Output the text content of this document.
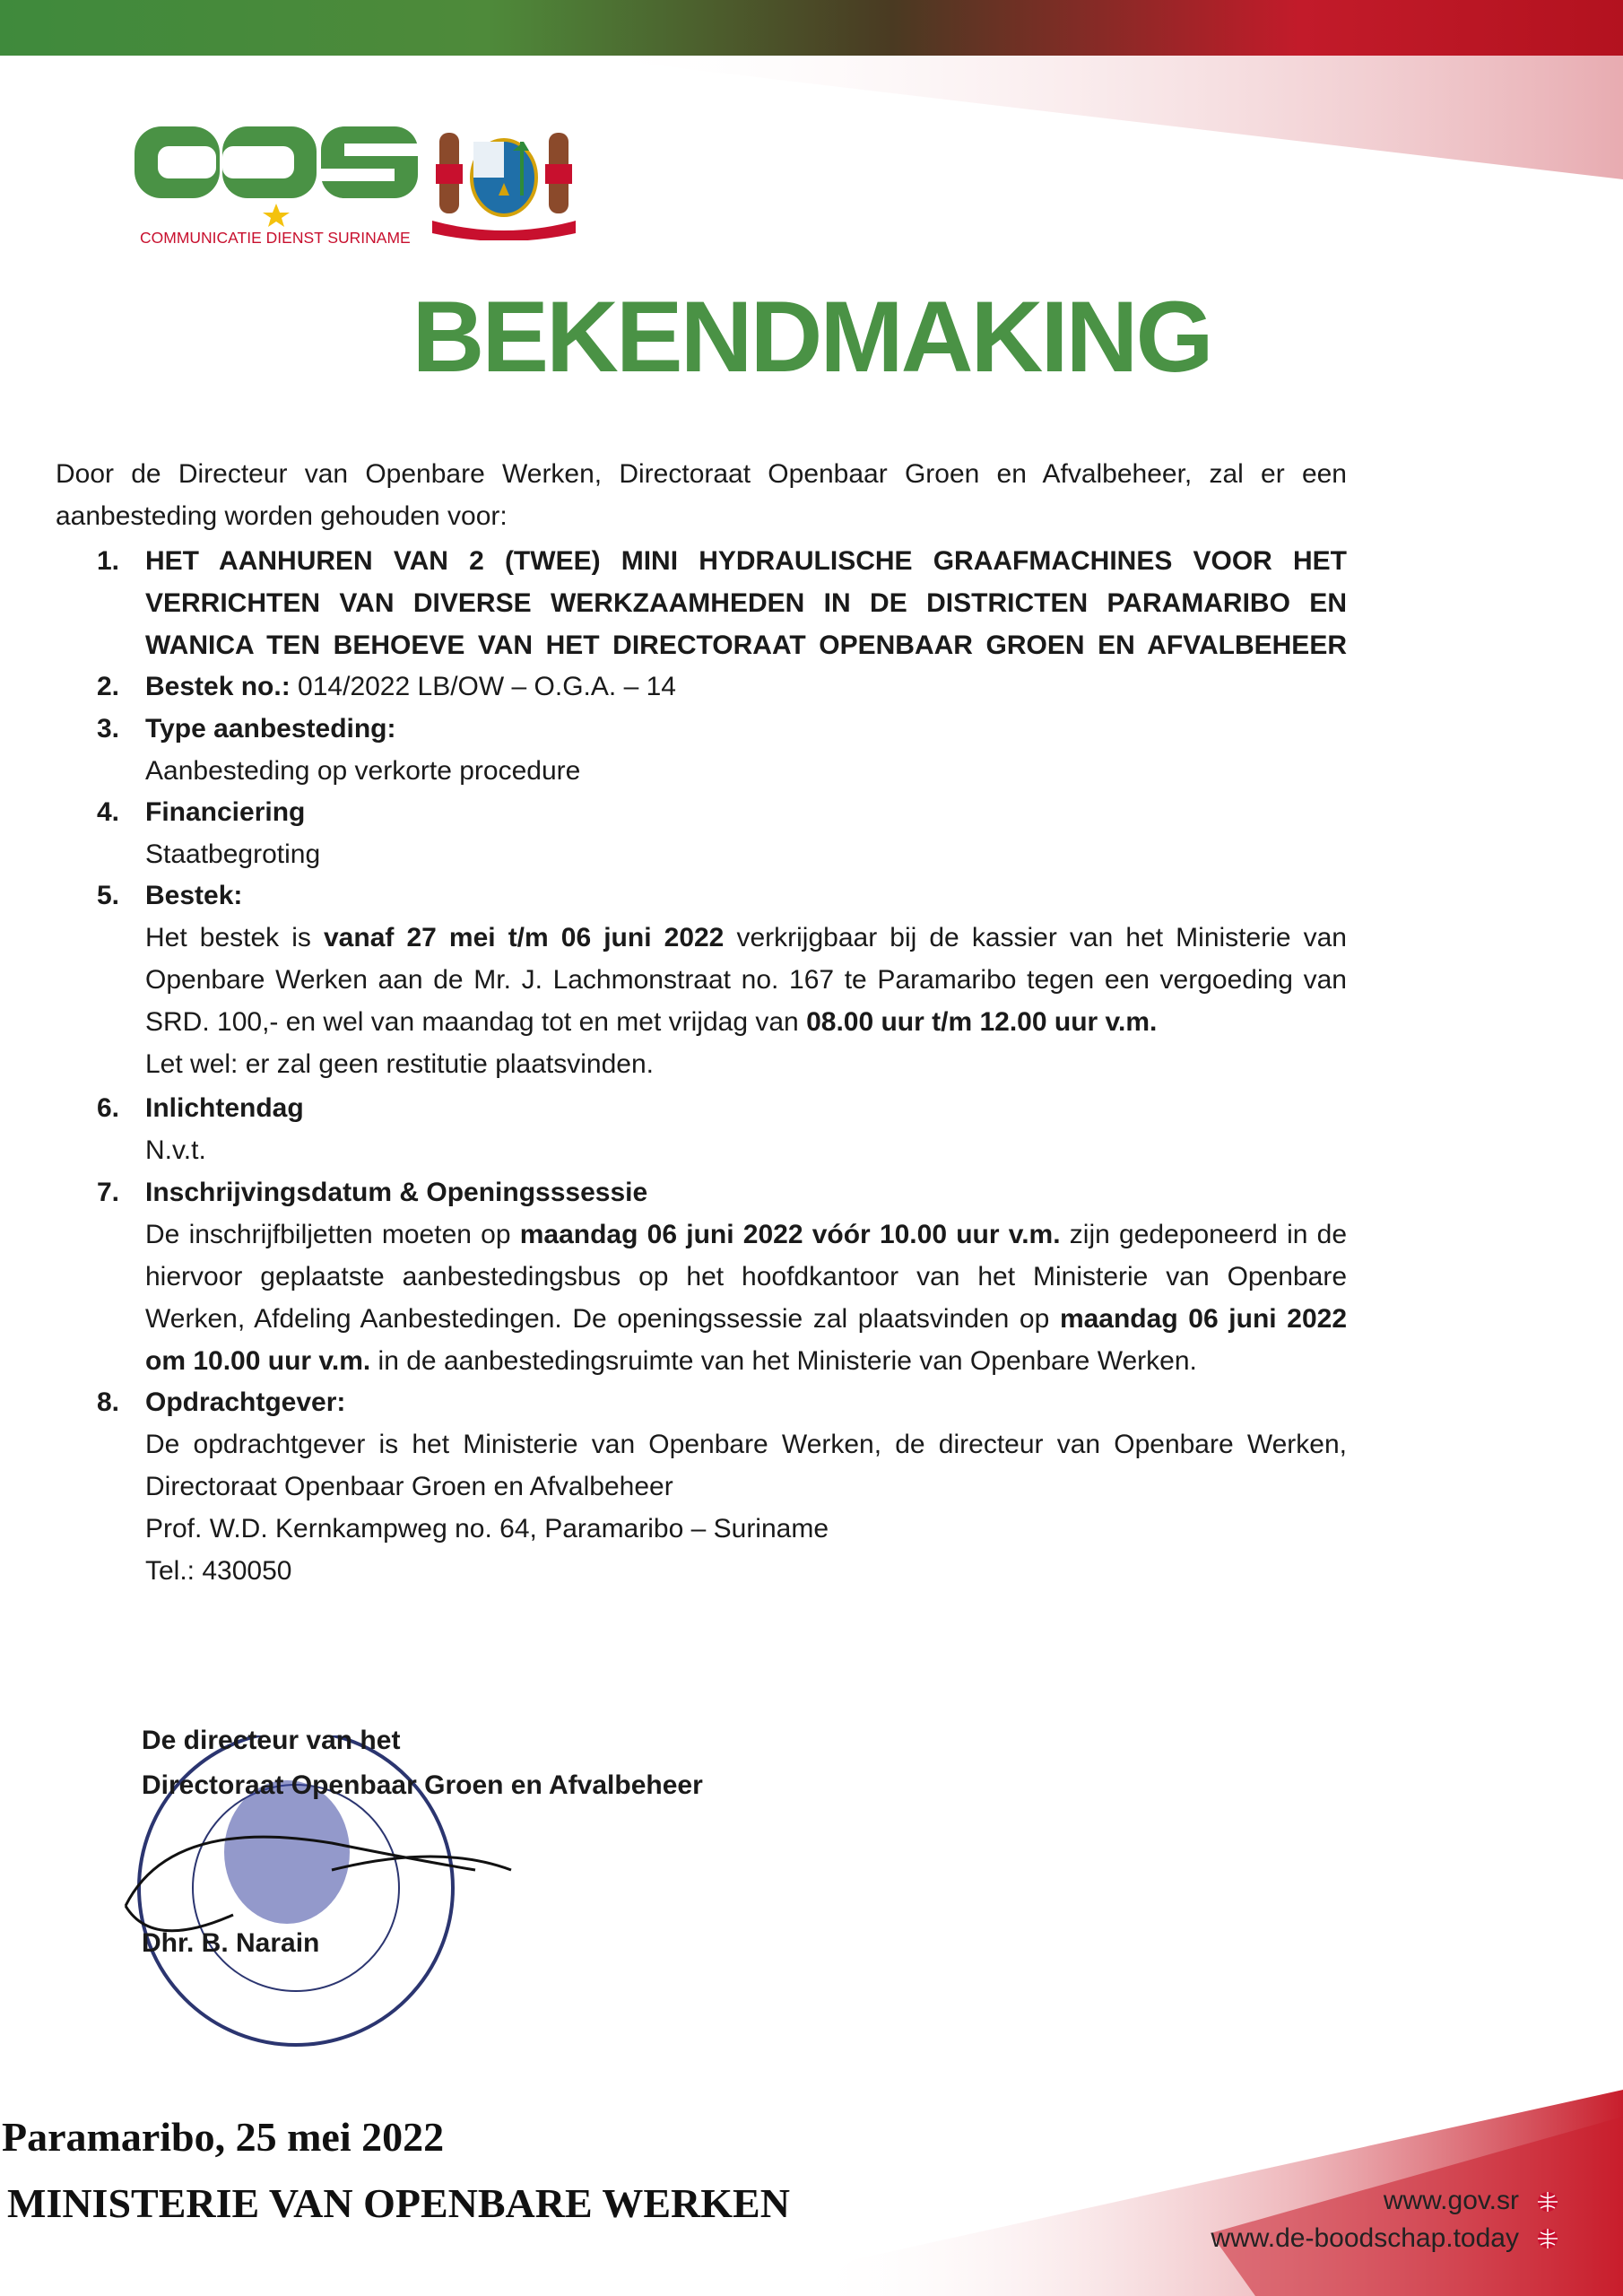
COMMUNICATIE DIENST SURINAME
BEKENDMAKING
Door de Directeur van Openbare Werken, Directoraat Openbaar Groen en Afvalbeheer, zal er een aanbesteding worden gehouden voor:
1. HET AANHUREN VAN 2 (TWEE) MINI HYDRAULISCHE GRAAFMACHINES VOOR HET
VERRICHTEN VAN DIVERSE WERKZAAMHEDEN IN DE DISTRICTEN PARAMARIBO EN
WANICA TEN BEHOEVE VAN HET DIRECTORAAT OPENBAAR GROEN EN AFVALBEHEER
2. Bestek no.: 014/2022 LB/OW – O.G.A. – 14
3. Type aanbesteding:
Aanbesteding op verkorte procedure
4. Financiering
Staatbegroting
5. Bestek:
Het bestek is vanaf 27 mei t/m 06 juni 2022 verkrijgbaar bij de kassier van het Ministerie van Openbare Werken aan de Mr. J. Lachmonstraat no. 167 te Paramaribo tegen een vergoeding van SRD. 100,- en wel van maandag tot en met vrijdag van 08.00 uur t/m 12.00 uur v.m.
Let wel: er zal geen restitutie plaatsvinden.
6. Inlichtendag
N.v.t.
7. Inschrijvingsdatum & Openingsssessie
De inschrijfbiljetten moeten op maandag 06 juni 2022 vóór 10.00 uur v.m. zijn gedeponeerd in de hiervoor geplaatste aanbestedingsbus op het hoofdkantoor van het Ministerie van Openbare Werken, Afdeling Aanbestedingen. De openingssessie zal plaatsvinden op maandag 06 juni 2022 om 10.00 uur v.m. in de aanbestedingsruimte van het Ministerie van Openbare Werken.
8. Opdrachtgever:
De opdrachtgever is het Ministerie van Openbare Werken, de directeur van Openbare Werken, Directoraat Openbaar Groen en Afvalbeheer
Prof. W.D. Kernkampweg no. 64, Paramaribo – Suriname
Tel.: 430050
De directeur van het
Directoraat Openbaar Groen en Afvalbeheer
Dhr. B. Narain
Paramaribo, 25 mei 2022
MINISTERIE VAN OPENBARE WERKEN	www.gov.sr
www.de-boodschap.today
